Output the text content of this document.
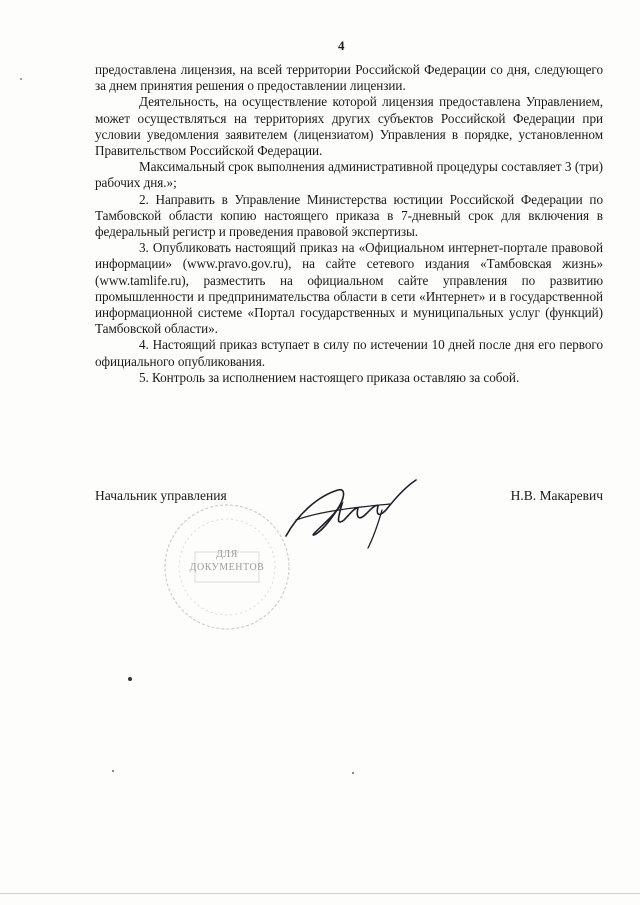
4

предоставлена лицензия, на всей территории Российской Федерации со дня, следующего за днем принятия решения о предоставлении лицензии.

Деятельность, на осуществление которой лицензия предоставлена Управлением, может осуществляться на территориях других субъектов Российской Федерации при условии уведомления заявителем (лицензиатом) Управления в порядке, установленном Правительством Российской Федерации.

Максимальный срок выполнения административной процедуры составляет 3 (три) рабочих дня.»;

2. Направить в Управление Министерства юстиции Российской Федерации по Тамбовской области копию настоящего приказа в 7-дневный срок для включения в федеральный регистр и проведения правовой экспертизы.

3. Опубликовать настоящий приказ на «Официальном интернет-портале правовой информации» (www.pravo.gov.ru), на сайте сетевого издания «Тамбовская жизнь» (www.tamlife.ru), разместить на официальном сайте управления по развитию промышленности и предпринимательства области в сети «Интернет» и в государственной информационной системе «Портал государственных и муниципальных услуг (функций) Тамбовской области».

4. Настоящий приказ вступает в силу по истечении 10 дней после дня его первого официального опубликования.

5. Контроль за исполнением настоящего приказа оставляю за собой.

ДЛЯ
ДОКУМЕНТОВ
Начальник управления	Н.В. Макаревич
